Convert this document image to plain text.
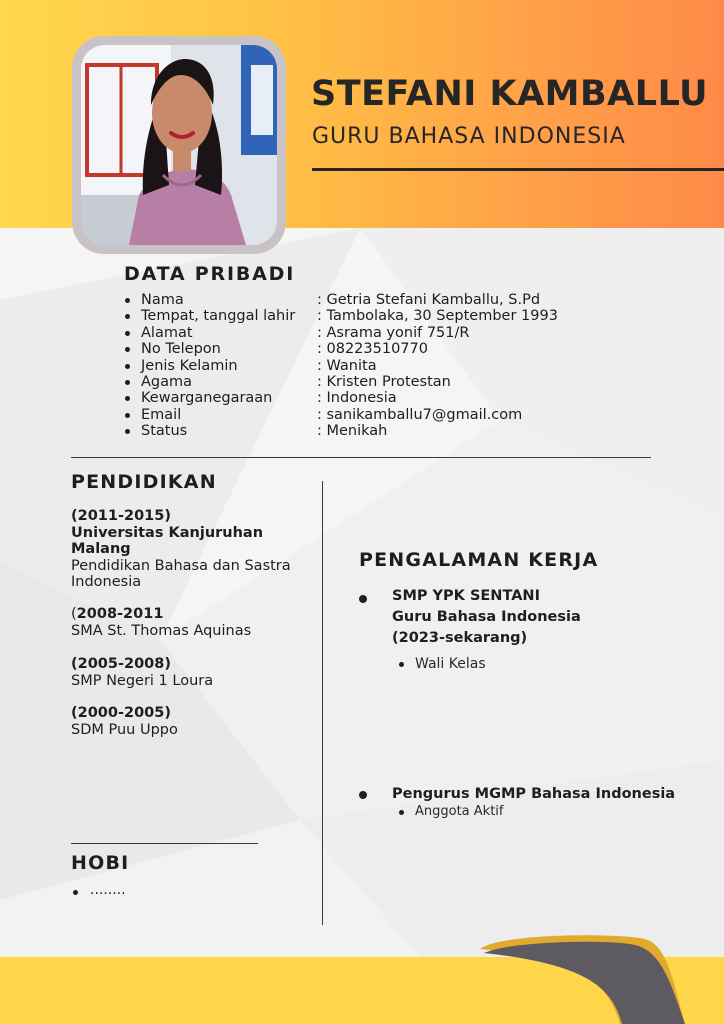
STEFANI KAMBALLU
GURU BAHASA INDONESIA
DATA PRIBADI
Nama	: Getria Stefani Kamballu, S.Pd
Tempat, tanggal lahir : Tambolaka, 30 September 1993
Alamat	: Asrama yonif 751/R
No Telepon	: 08223510770
Jenis Kelamin	: Wanita
Agama	: Kristen Protestan
Kewarganegaraan	: Indonesia
Email	: sanikamballu7@gmail.com
Status	: Menikah
PENDIDIKAN
(2011-2015)
Universitas Kanjuruhan Malang
Pendidikan Bahasa dan Sastra Indonesia
(2008-2011
SMA St. Thomas Aquinas
(2005-2008)
SMP Negeri 1 Loura
(2000-2005)
SDM Puu Uppo
HOBI
........
PENGALAMAN KERJA
SMP YPK SENTANI
Guru Bahasa Indonesia (2023-sekarang)
Wali Kelas
Pengurus MGMP Bahasa Indonesia
Anggota Aktif
